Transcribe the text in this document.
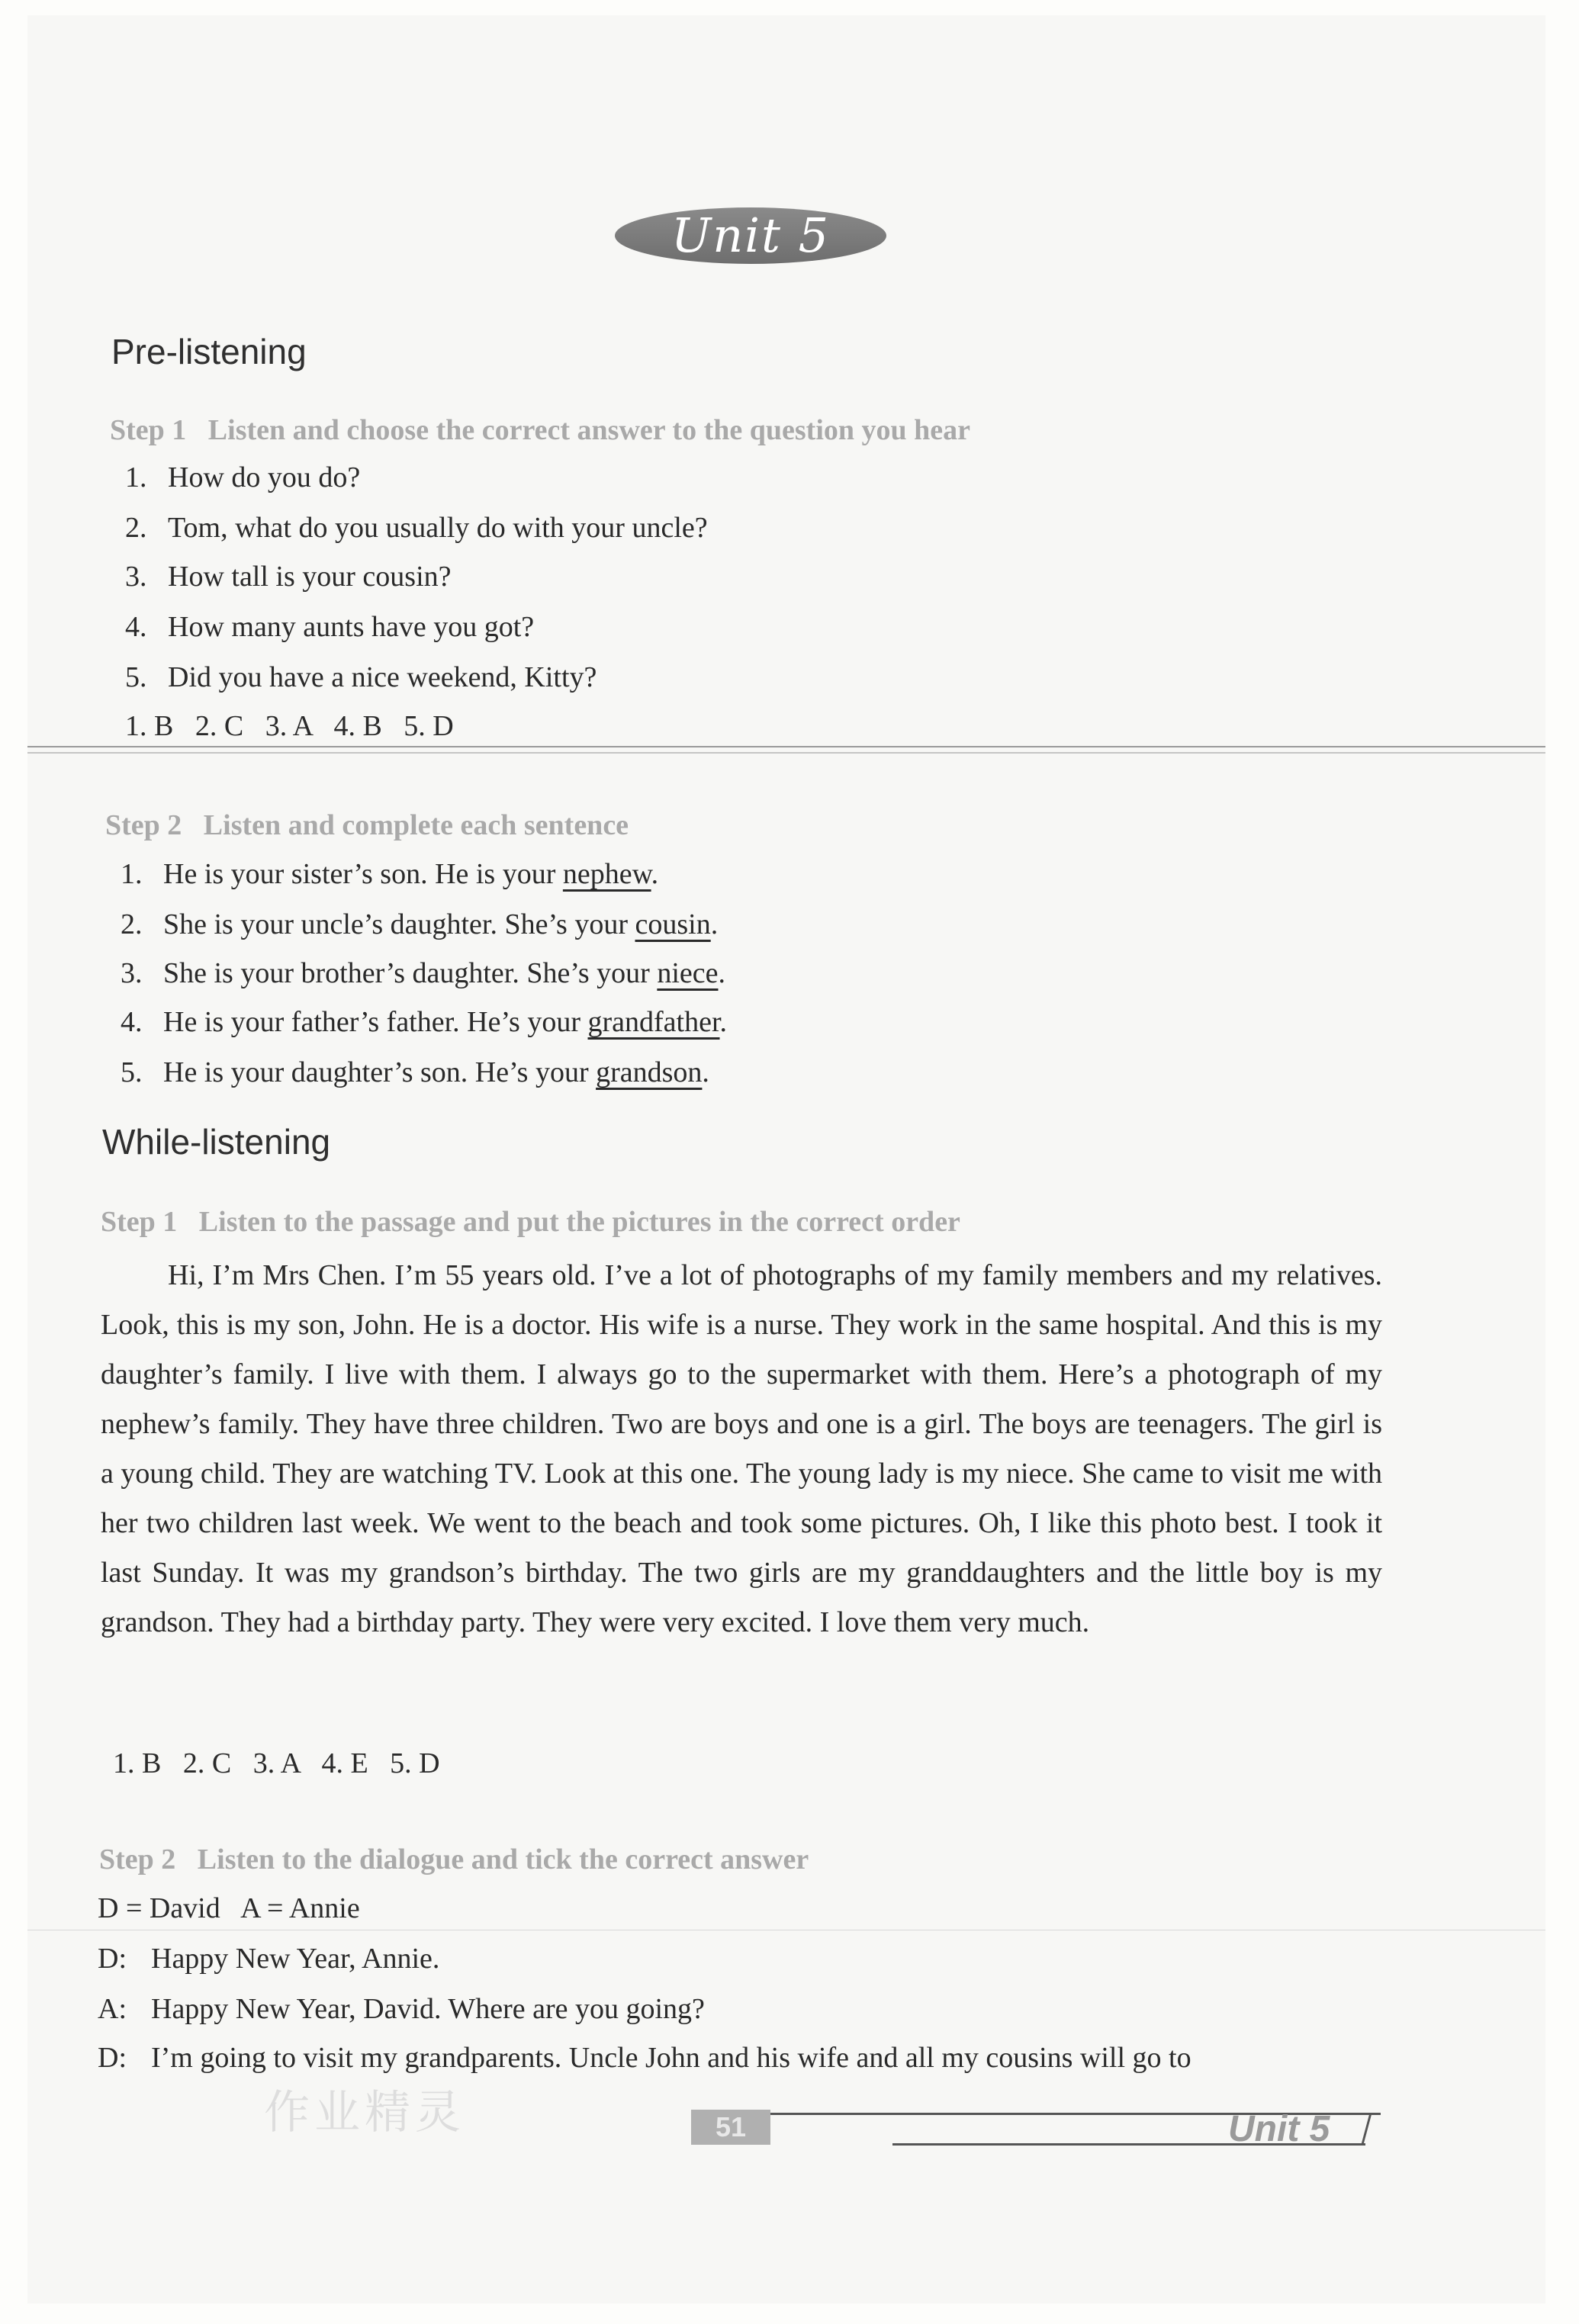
Unit 5
Pre-listening
Step 1 Listen and choose the correct answer to the question you hear
1. How do you do?
2. Tom, what do you usually do with your uncle?
3. How tall is your cousin?
4. How many aunts have you got?
5. Did you have a nice weekend, Kitty?
1. B   2. C   3. A   4. B   5. D
Step 2 Listen and complete each sentence
1. He is your sister’s son. He is your nephew.
2. She is your uncle’s daughter. She’s your cousin.
3. She is your brother’s daughter. She’s your niece.
4. He is your father’s father. He’s your grandfather.
5. He is your daughter’s son. He’s your grandson.
While-listening
Step 1 Listen to the passage and put the pictures in the correct order

Hi, I’m Mrs Chen. I’m 55 years old. I’ve a lot of photographs of my family members and my relatives. Look, this is my son, John. He is a doctor. His wife is a nurse. They work in the same hospital. And this is my daughter’s family. I live with them. I always go to the supermarket with them. Here’s a photograph of my nephew’s family. They have three children. Two are boys and one is a girl. The boys are teenagers. The girl is a young child. They are watching TV. Look at this one. The young lady is my niece. She came to visit me with her two children last week. We went to the beach and took some pictures. Oh, I like this photo best. I took it last Sunday. It was my grandson’s birthday. The two girls are my granddaughters and the little boy is my grandson. They had a birthday party. They were very excited. I love them very much.

1. B   2. C   3. A   4. E   5. D
Step 2 Listen to the dialogue and tick the correct answer
D = David   A = Annie
D: Happy New Year, Annie.
A: Happy New Year, David. Where are you going?
D: I’m going to visit my grandparents. Uncle John and his wife and all my cousins will go to
51	Unit 5
作业精灵
